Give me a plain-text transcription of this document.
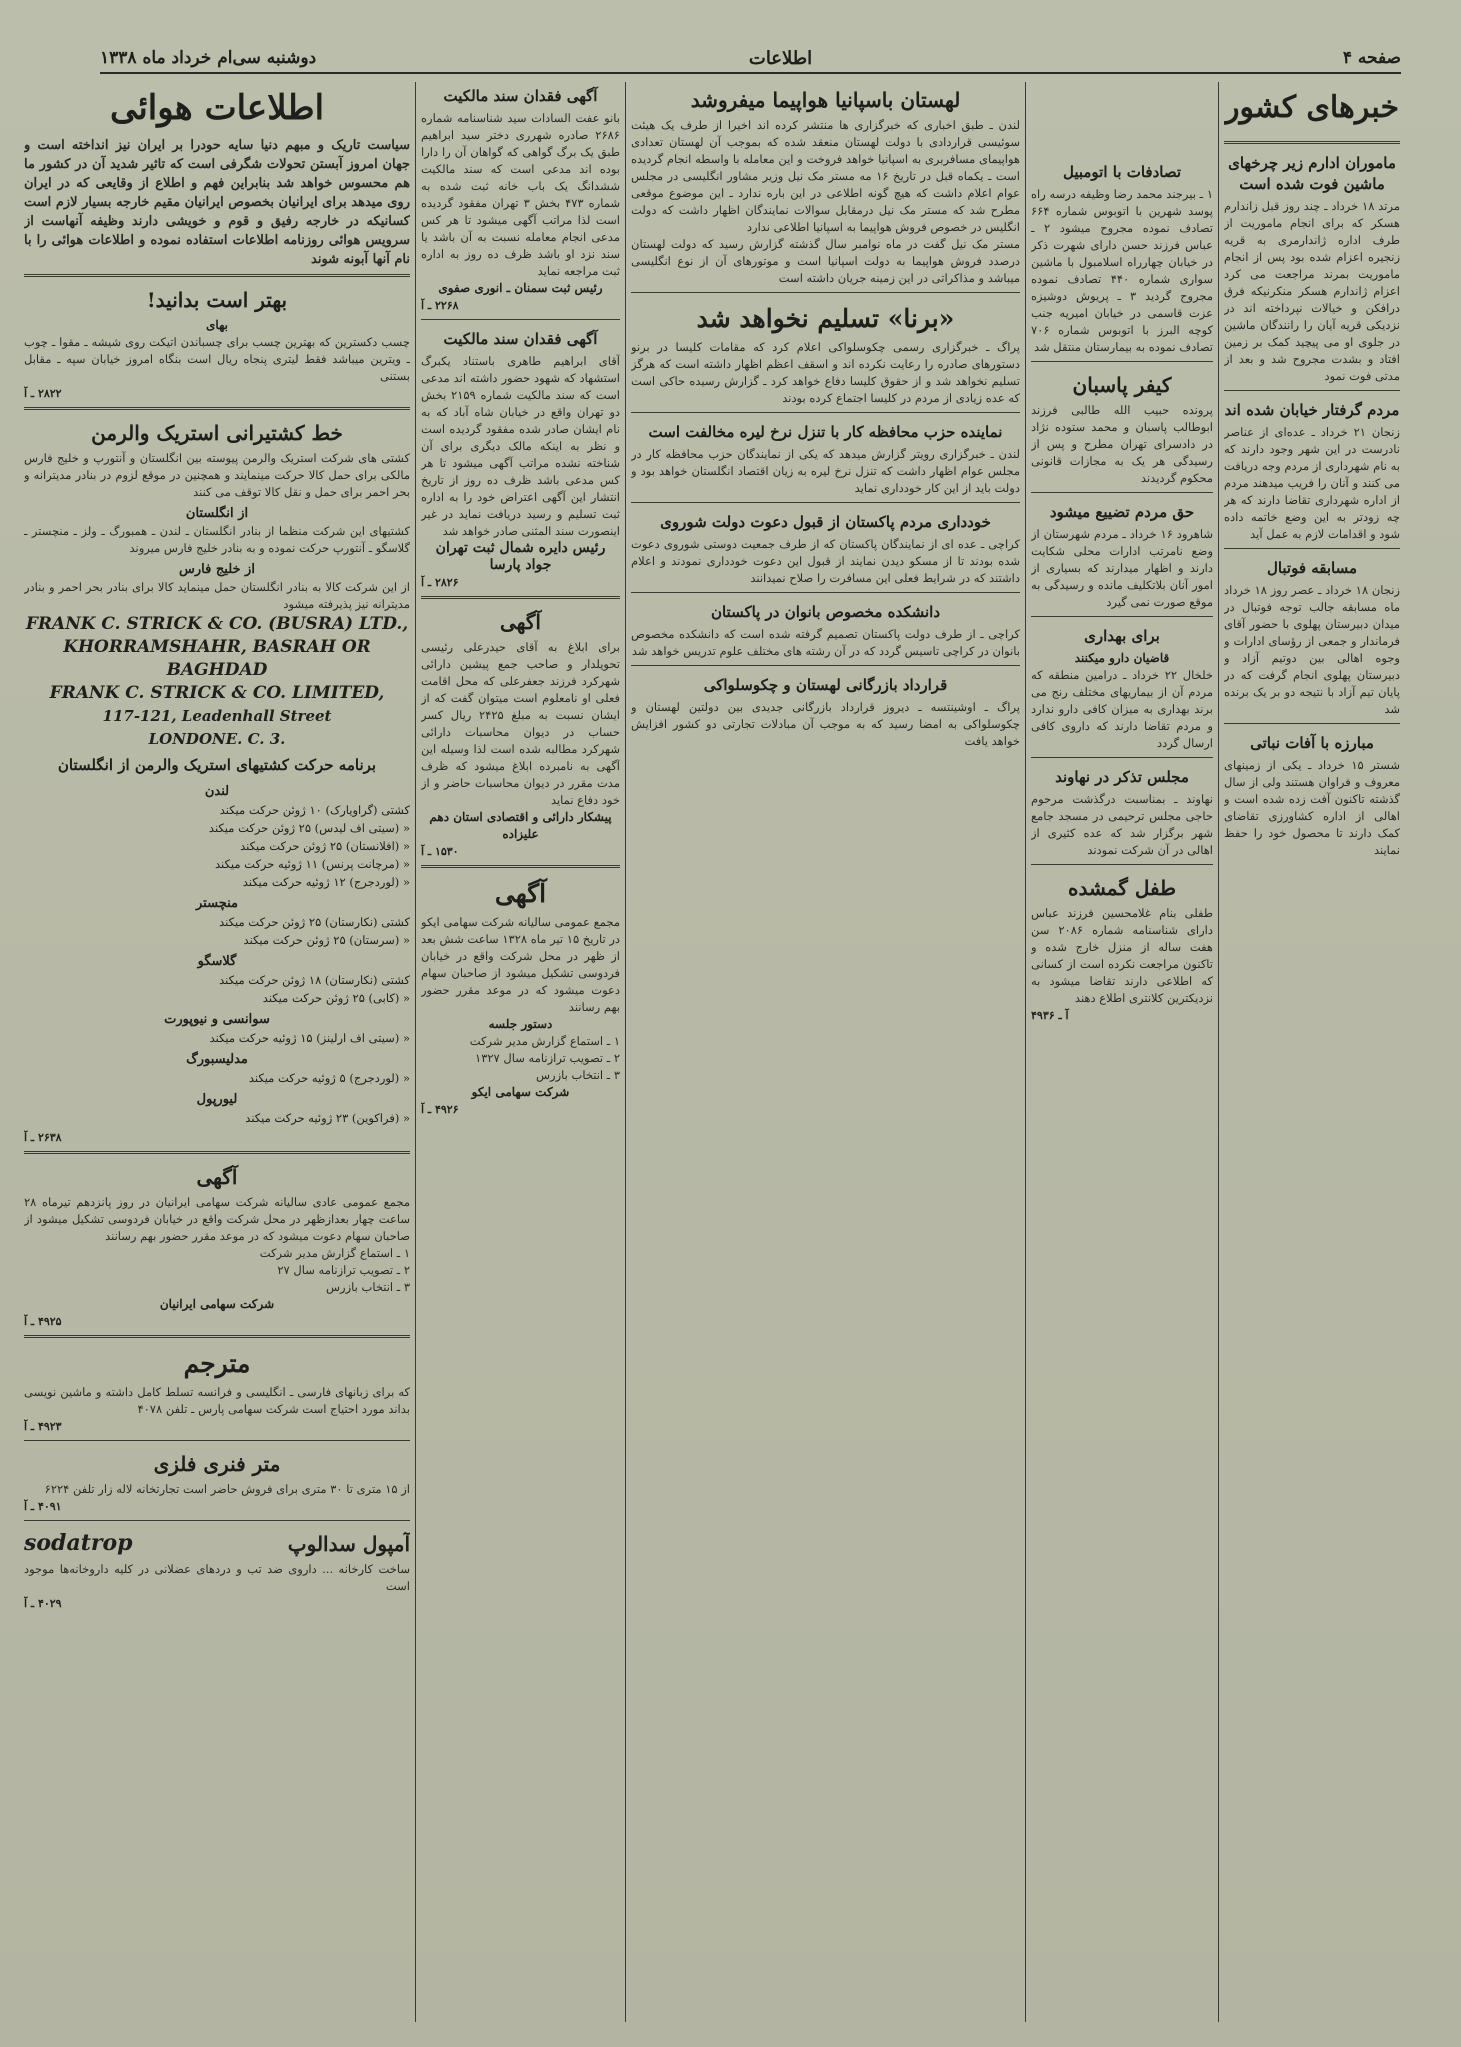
صفحه ۴
اطلاعات
دوشنبه سی‌ام خرداد ماه ۱۳۳۸
خبرهای کشور
ماموران ادارم زیر چرخهای ماشین فوت شده است

مرتد ۱۸ خرداد ـ چند روز قبل زاندارم هسکر که برای انجام ماموریت از طرف اداره ژاندارمری به قریه زنجیره اعزام شده بود پس از انجام ماموریت بمرند مراجعت می کرد اعزام ژاندارم هسکر منکرنیکه فرق درافکن و خیالات نپرداخته اند در نزدیکی قریه آیان را رانندگان ماشین در جلوی او می پیچید کمک بر زمین افتاد و بشدت مجروح شد و بعد از مدتی فوت نمود

مردم گرفتار خیابان شده اند

زنجان ۲۱ خرداد ـ عده‌ای از عناصر نادرست در این شهر وجود دارند که به نام شهرداری از مردم وجه دریافت می کنند و آنان را فریب میدهند مردم از اداره شهرداری تقاضا دارند که هر چه زودتر به این وضع خاتمه داده شود و اقدامات لازم به عمل آید

مسابقه فوتبال

زنجان ۱۸ خرداد ـ عصر روز ۱۸ خرداد ماه مسابقه جالب توجه فوتبال در میدان دبیرستان پهلوی با حضور آقای فرماندار و جمعی از رؤسای ادارات و وجوه اهالی بین دوتیم آزاد و دبیرستان پهلوی انجام گرفت که در پایان تیم آزاد با نتیجه دو بر یک برنده شد

مبارزه با آفات نباتی

شستر ۱۵ خرداد ـ یکی از زمینهای معروف و فراوان هستند ولی از سال گذشته تاکنون آفت زده شده است و اهالی از اداره کشاورزی تقاضای کمک دارند تا محصول خود را حفظ نمایند

تصادفات با اتومبیل

۱ ـ بیرجند محمد رضا وظیفه درسه راه پوسد شهرین با اتوبوس شماره ۶۶۴ تصادف نموده مجروح میشود ۲ ـ عباس فرزند حسن دارای شهرت ذکر در خیابان چهارراه اسلامبول با ماشین سواری شماره ۴۴۰ تصادف نموده مجروح گردید ۳ ـ پریوش دوشیزه عزت قاسمی در خیابان امیریه جنب کوچه البرز با اتوبوس شماره ۷۰۶ تصادف نموده به بیمارستان منتقل شد

کیفر پاسبان

پرونده حبیب الله طالبی فرزند ابوطالب پاسبان و محمد ستوده نژاد در دادسرای تهران مطرح و پس از رسیدگی هر یک به مجازات قانونی محکوم گردیدند

حق مردم تضییع میشود

شاهرود ۱۶ خرداد ـ مردم شهرستان از وضع نامرتب ادارات محلی شکایت دارند و اظهار میدارند که بسیاری از امور آنان بلاتکلیف مانده و رسیدگی به موقع صورت نمی گیرد

برای بهداری
قاضیان دارو میکنند

خلخال ۲۲ خرداد ـ درامین منطقه که مردم آن از بیماریهای مختلف رنج می برند بهداری به میزان کافی دارو ندارد و مردم تقاضا دارند که داروی کافی ارسال گردد

مجلس تذکر در نهاوند

نهاوند ـ بمناسبت درگذشت مرحوم حاجی مجلس ترحیمی در مسجد جامع شهر برگزار شد که عده کثیری از اهالی در آن شرکت نمودند

طفل گمشده

طفلی بنام غلامحسین فرزند عباس دارای شناسنامه شماره ۲۰۸۶ سن هفت ساله از منزل خارج شده و تاکنون مراجعت نکرده است از کسانی که اطلاعی دارند تقاضا میشود به نزدیکترین کلانتری اطلاع دهند

آ ـ ۴۹۳۶
لهستان باسپانیا هواپیما میفروشد

لندن ـ طبق اخباری که خبرگزاری ها منتشر کرده اند اخیرا از طرف یک هیئت سوئیسی قراردادی با دولت لهستان منعقد شده که بموجب آن لهستان تعدادی هواپیمای مسافربری به اسپانیا خواهد فروخت و این معامله با واسطه انجام گردیده است ـ یکماه قبل در تاریخ ۱۶ مه مستر مک نیل وزیر مشاور انگلیسی در مجلس عوام اعلام داشت که هیچ گونه اطلاعی در این باره ندارد ـ این موضوع موقعی مطرح شد که مستر مک نیل درمقابل سوالات نمایندگان اظهار داشت که دولت انگلیس در خصوص فروش هواپیما به اسپانیا اطلاعی ندارد

مستر مک نیل گفت در ماه نوامبر سال گذشته گزارش رسید که دولت لهستان درصدد فروش هواپیما به دولت اسپانیا است و موتورهای آن از نوع انگلیسی میباشد و مذاکراتی در این زمینه جریان داشته است

«برنا» تسلیم نخواهد شد

پراگ ـ خبرگزاری رسمی چکوسلواکی اعلام کرد که مقامات کلیسا در برنو دستورهای صادره را رعایت نکرده اند و اسقف اعظم اظهار داشته است که هرگز تسلیم نخواهد شد و از حقوق کلیسا دفاع خواهد کرد ـ گزارش رسیده حاکی است که عده زیادی از مردم در کلیسا اجتماع کرده بودند

نماینده حزب محافظه کار با تنزل نرخ لیره مخالفت است

لندن ـ خبرگزاری رویتر گزارش میدهد که یکی از نمایندگان حزب محافظه کار در مجلس عوام اظهار داشت که تنزل نرخ لیره به زیان اقتصاد انگلستان خواهد بود و دولت باید از این کار خودداری نماید

خودداری مردم پاکستان از قبول دعوت دولت شوروی

کراچی ـ عده ای از نمایندگان پاکستان که از طرف جمعیت دوستی شوروی دعوت شده بودند تا از مسکو دیدن نمایند از قبول این دعوت خودداری نمودند و اعلام داشتند که در شرایط فعلی این مسافرت را صلاح نمیدانند

دانشکده مخصوص بانوان در پاکستان

کراچی ـ از طرف دولت پاکستان تصمیم گرفته شده است که دانشکده مخصوص بانوان در کراچی تاسیس گردد که در آن رشته های مختلف علوم تدریس خواهد شد

قرارداد بازرگانی لهستان و چکوسلواکی

پراگ ـ اوشینتسه ـ دیروز قرارداد بازرگانی جدیدی بین دولتین لهستان و چکوسلواکی به امضا رسید که به موجب آن مبادلات تجارتی دو کشور افزایش خواهد یافت

آگهی فقدان سند مالکیت

بانو عفت السادات سید شناسنامه شماره ۲۶۸۶ صادره شهرری دختر سید ابراهیم طبق یک برگ گواهی که گواهان آن را دارا بوده اند مدعی است که سند مالکیت ششدانگ یک باب خانه ثبت شده به شماره ۴۷۳ بخش ۳ تهران مفقود گردیده است لذا مراتب آگهی میشود تا هر کس مدعی انجام معامله نسبت به آن باشد یا سند نزد او باشد ظرف ده روز به اداره ثبت مراجعه نماید

رئیس ثبت سمنان ـ انوری صفوی
۲۲۶۸ ـ آ
آگهی فقدان سند مالکیت

آقای ابراهیم طاهری باستناد یکبرگ استشهاد که شهود حضور داشته اند مدعی است که سند مالکیت شماره ۲۱۵۹ بخش دو تهران واقع در خیابان شاه آباد که به نام ایشان صادر شده مفقود گردیده است و نظر به اینکه مالک دیگری برای آن شناخته نشده مراتب آگهی میشود تا هر کس مدعی باشد ظرف ده روز از تاریخ انتشار این آگهی اعتراض خود را به اداره ثبت تسلیم و رسید دریافت نماید در غیر اینصورت سند المثنی صادر خواهد شد

رئیس دایره شمال ثبت تهران جواد پارسا
۲۸۲۶ ـ آ
آگهی

برای ابلاغ به آقای حیدرعلی رئیسی تحویلدار و صاحب جمع پیشین دارائی شهرکرد فرزند جعفرعلی که محل اقامت فعلی او نامعلوم است میتوان گفت که از ایشان نسبت به مبلغ ۲۴۲۵ ریال کسر حساب در دیوان محاسبات دارائی شهرکرد مطالبه شده است لذا وسیله این آگهی به نامبرده ابلاغ میشود که ظرف مدت مقرر در دیوان محاسبات حاضر و از خود دفاع نماید

پیشکار دارائی و اقتصادی استان دهم علیزاده
۱۵۳۰ ـ آ
آگهی

مجمع عمومی سالیانه شرکت سهامی ایکو در تاریخ ۱۵ تیر ماه ۱۳۲۸ ساعت شش بعد از ظهر در محل شرکت واقع در خیابان فردوسی تشکیل میشود از صاحبان سهام دعوت میشود که در موعد مقرر حضور بهم رسانند

دستور جلسه
۱ ـ استماع گزارش مدیر شرکت
۲ ـ تصویب ترازنامه سال ۱۳۲۷
۳ ـ انتخاب بازرس
شرکت سهامی ایکو
۴۹۲۶ ـ آ
اطلاعات هوائی

سیاست تاریک و مبهم دنیا سایه حودرا بر ایران نیز انداخته است و جهان امروز آبستن تحولات شگرفی است که تاثیر شدید آن در کشور ما هم محسوس خواهد شد بنابراین فهم و اطلاع از وقایعی که در ایران روی میدهد برای ایرانیان بخصوص ایرانیان مقیم خارجه بسیار لازم است کسانیکه در خارجه رفیق و قوم و خویشی دارند وظیفه آنهاست از سرویس هوائی روزنامه اطلاعات استفاده نموده و اطلاعات هوائی را با نام آنها آبونه شوند

بهتر است بدانید!
بهای

چسب دکسترین که بهترین چسب برای چسباندن اتیکت روی شیشه ـ مقوا ـ چوب ـ ویترین میباشد فقط لیتری پنجاه ریال است بنگاه امروز خیابان سپه ـ مقابل بستنی

۲۸۲۲ ـ آ
خط کشتیرانی استریک والرمن

کشتی های شرکت استریک والرمن پیوسته بین انگلستان و آنتورپ و خلیج فارس مالکی برای حمل کالا حرکت مینمایند و همچنین در موقع لزوم در بنادر مدیترانه و بحر احمر برای حمل و نقل کالا توقف می کنند

از انگلستان

کشتیهای این شرکت منظما از بنادر انگلستان ـ لندن ـ همبورگ ـ ولز ـ منچستر ـ گلاسگو ـ آنتورپ حرکت نموده و به بنادر خلیج فارس میروند

از خلیج فارس

از این شرکت کالا به بنادر انگلستان حمل مینماید کالا برای بنادر بحر احمر و بنادر مدیترانه نیز پذیرفته میشود

FRANK C. STRICK & CO. (BUSRA) LTD.,
KHORRAMSHAHR, BASRAH OR BAGHDAD
FRANK C. STRICK & CO. LIMITED,
117-121, Leadenhall Street
LONDONE. C. 3.
برنامه حرکت کشتیهای استریک والرمن از انگلستان
لندن
کشتی (گراویارک) ۱۰ ژوئن حرکت میکند
« (سیتی اف لیدس) ۲۵ ژوئن حرکت میکند
« (افلانستان) ۲۵ ژوئن حرکت میکند
« (مرچانت پرنس) ۱۱ ژوئیه حرکت میکند
« (لوردجرج) ۱۲ ژوئیه حرکت میکند
منچستر
کشتی (نکارستان) ۲۵ ژوئن حرکت میکند
« (سرستان) ۲۵ ژوئن حرکت میکند
گلاسگو
کشتی (نکارستان) ۱۸ ژوئن حرکت میکند
« (کابی) ۲۵ ژوئن حرکت میکند
سوانسی و نیوپورت
« (سیتی اف ارلینز) ۱۵ ژوئیه حرکت میکند
مدلیسبورگ
« (لوردجرج) ۵ ژوئیه حرکت میکند
لیورپول
« (فراکوین) ۲۳ ژوئیه حرکت میکند
۲۶۳۸ ـ آ
آگهی

مجمع عمومی عادی سالیانه شرکت سهامی ایرانیان در روز پانزدهم تیرماه ۲۸ ساعت چهار بعدازظهر در محل شرکت واقع در خیابان فردوسی تشکیل میشود از صاحبان سهام دعوت میشود که در موعد مقرر حضور بهم رسانند

۱ ـ استماع گزارش مدیر شرکت
۲ ـ تصویب ترازنامه سال ۲۷
۳ ـ انتخاب بازرس
شرکت سهامی ایرانیان
۴۹۲۵ ـ آ
مترجم

که برای زبانهای فارسی ـ انگلیسی و فرانسه تسلط کامل داشته و ماشین نویسی بداند مورد احتیاج است شرکت سهامی پارس ـ تلفن ۴۰۷۸

۴۹۲۳ ـ آ
متر فنری فلزی

از ۱۵ متری تا ۳۰ متری برای فروش حاضر است تجارتخانه لاله زار تلفن ۶۲۲۴

۴۰۹۱ ـ آ
آمپول سدالوپ
sodatrop

ساخت کارخانه ... داروی ضد تب و دردهای عضلانی در کلیه داروخانه‌ها موجود است

۴۰۲۹ ـ آ
